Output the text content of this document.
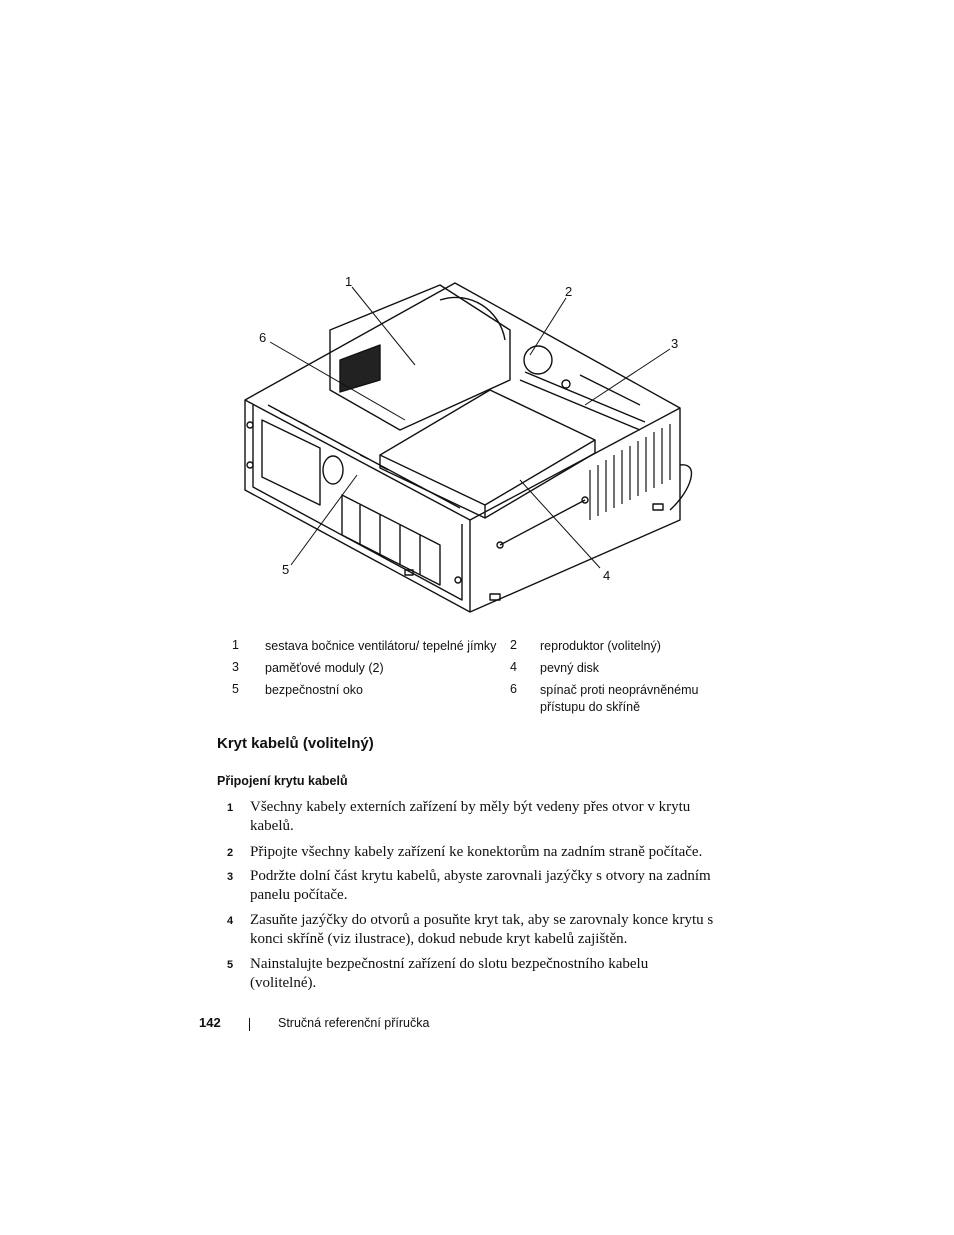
1
2
3
4
5
6
1	sestava bočnice ventilátoru/ tepelné jímky	2	reproduktor (volitelný)
3	paměťové moduly (2)	4	pevný disk
5	bezpečnostní oko	6	spínač proti neoprávněnému přístupu do skříně
Kryt kabelů (volitelný)
Připojení krytu kabelů
1 Všechny kabely externích zařízení by měly být vedeny přes otvor v krytu kabelů.
2 Připojte všechny kabely zařízení ke konektorům na zadním straně počítače.
3 Podržte dolní část krytu kabelů, abyste zarovnali jazýčky s otvory na zadním panelu počítače.
4 Zasuňte jazýčky do otvorů a posuňte kryt tak, aby se zarovnaly konce krytu s konci skříně (viz ilustrace), dokud nebude kryt kabelů zajištěn.
5 Nainstalujte bezpečnostní zařízení do slotu bezpečnostního kabelu (volitelné).
142	Stručná referenční příručka
